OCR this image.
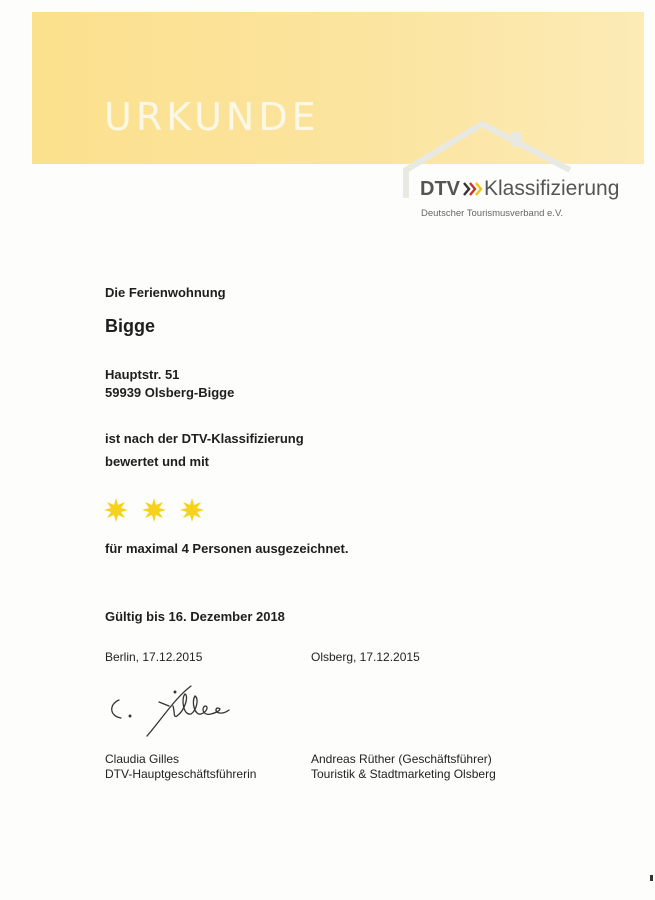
URKUNDE
DTV Klassifizierung
Deutscher Tourismusverband e.V.
Die Ferienwohnung
Bigge
Hauptstr. 51
59939 Olsberg-Bigge
ist nach der DTV-Klassifizierung
bewertet und mit
für maximal 4 Personen ausgezeichnet.
Gültig bis 16. Dezember 2018
Berlin, 17.12.2015	Olsberg, 17.12.2015
Claudia Gilles
DTV-Hauptgeschäftsführerin
Andreas Rüther (Geschäftsführer)
Touristik & Stadtmarketing Olsberg
